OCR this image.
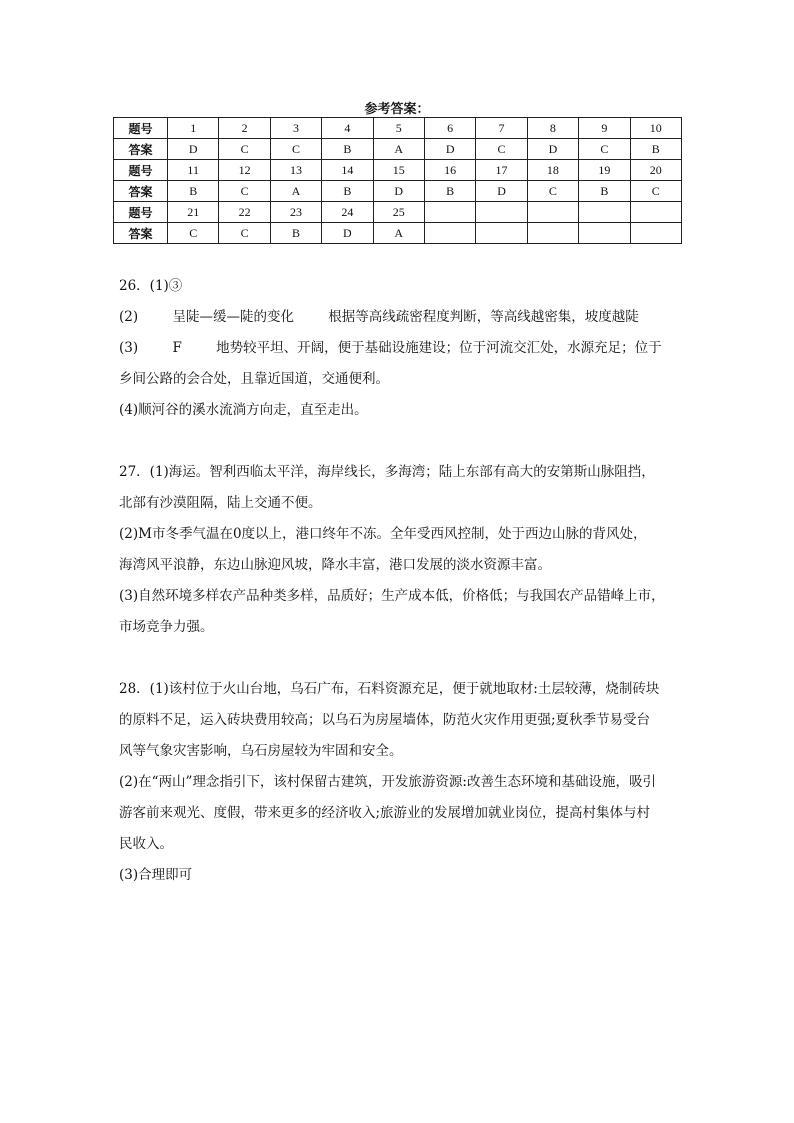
参考答案：
题号	1	2	3	4	5	6	7	8	9	10
答案	D	C	C	B	A	D	C	D	C	B
题号	11	12	13	14	15	16	17	18	19	20
答案	B	C	A	B	D	B	D	C	B	C
题号	21	22	23	24	25					
答案	C	C	B	D	A					

26．(1)③

(2)        呈陡—缓—陡的变化        根据等高线疏密程度判断，等高线越密集，坡度越陡

(3)        F        地势较平坦、开阔，便于基础设施建设；位于河流交汇处，水源充足；位于

乡间公路的会合处，且靠近国道，交通便利。

(4)顺河谷的溪水流淌方向走，直至走出。

27．(1)海运。智利西临太平洋，海岸线长，多海湾；陆上东部有高大的安第斯山脉阻挡，

北部有沙漠阻隔，陆上交通不便。

(2)M市冬季气温在0度以上，港口终年不冻。全年受西风控制，处于西边山脉的背风处，

海湾风平浪静，东边山脉迎风坡，降水丰富，港口发展的淡水资源丰富。

(3)自然环境多样农产品种类多样，品质好；生产成本低，价格低；与我国农产品错峰上市，

市场竞争力强。

28．(1)该村位于火山台地，乌石广布，石料资源充足，便于就地取材:土层较薄，烧制砖块

的原料不足，运入砖块费用较高；以乌石为房屋墙体，防范火灾作用更强;夏秋季节易受台

风等气象灾害影响，乌石房屋较为牢固和安全。

(2)在“两山”理念指引下，该村保留古建筑，开发旅游资源:改善生态环境和基础设施，吸引

游客前来观光、度假，带来更多的经济收入;旅游业的发展增加就业岗位，提高村集体与村

民收入。

(3)合理即可
